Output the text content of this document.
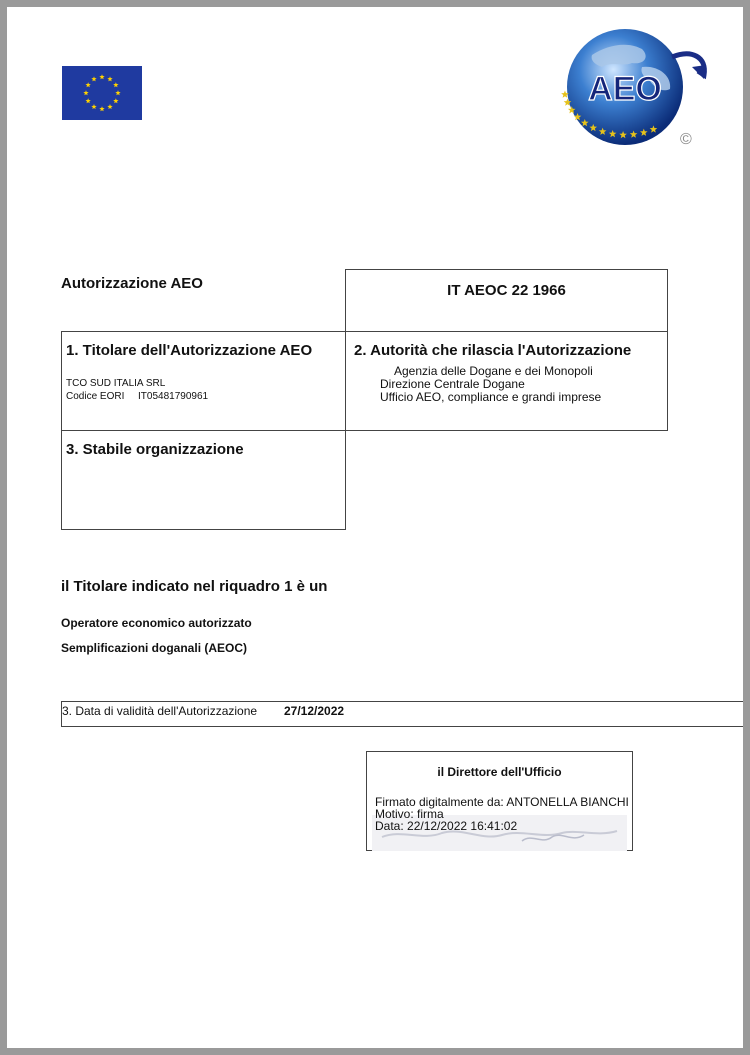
AEO
©
Autorizzazione AEO	IT AEOC 22 1966
1. Titolare dell'Autorizzazione AEO
TCO SUD ITALIA SRL
Codice EORI IT05481790961
2. Autorità che rilascia l'Autorizzazione
Agenzia delle Dogane e dei Monopoli
Direzione Centrale Dogane
Ufficio AEO, compliance e grandi imprese
3. Stabile organizzazione
il Titolare indicato nel riquadro 1 è un
Operatore economico autorizzato
Semplificazioni doganali (AEOC)
3. Data di validità dell'Autorizzazione 27/12/2022
il Direttore dell'Ufficio
Firmato digitalmente da: ANTONELLA BIANCHI
Motivo: firma
Data: 22/12/2022 16:41:02
